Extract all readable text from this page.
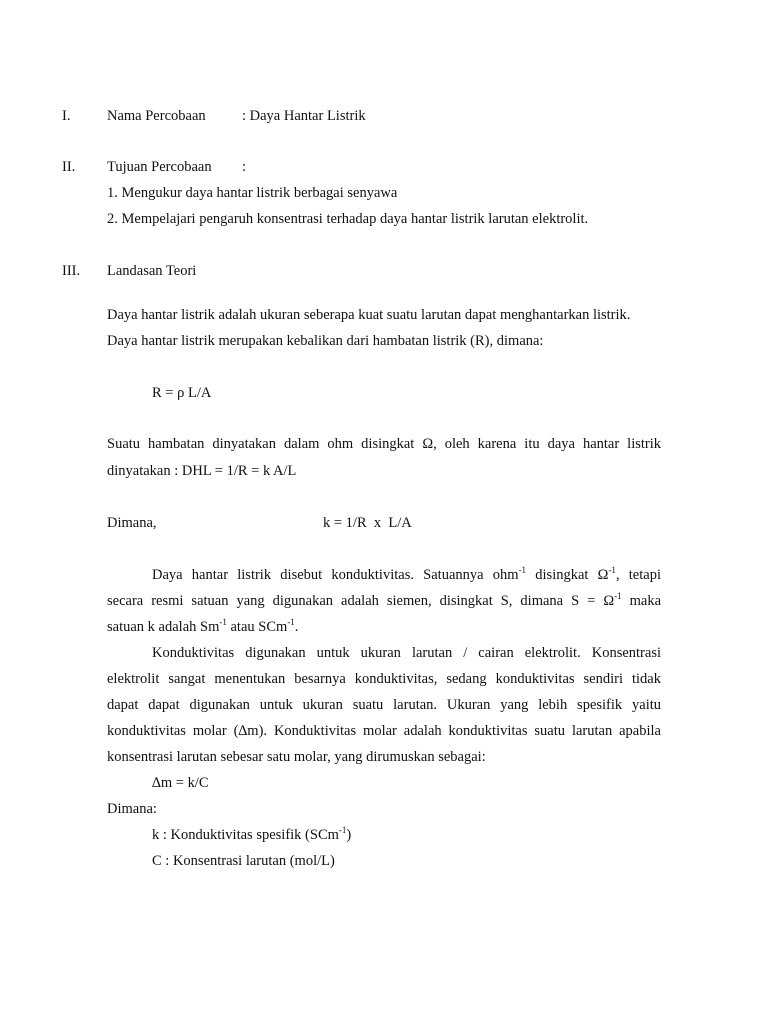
I.	Nama Percobaan	: Daya Hantar Listrik
II. Tujuan Percobaan :
1. Mengukur daya hantar listrik berbagai senyawa
2. Mempelajari pengaruh konsentrasi terhadap daya hantar listrik larutan elektrolit.
III. Landasan Teori
Daya hantar listrik adalah ukuran seberapa kuat suatu larutan dapat menghantarkan listrik.
Daya hantar listrik merupakan kebalikan dari hambatan listrik (R), dimana:
R = ρ L/A
Suatu hambatan dinyatakan dalam ohm disingkat Ω, oleh karena itu daya hantar listrik
dinyatakan : DHL = 1/R = k A/L
Dimana,	k = 1/R  x  L/A
Daya hantar listrik disebut konduktivitas. Satuannya ohm$^{-1}$ disingkat $\Omega^{-1}$, tetapi
secara resmi satuan yang digunakan adalah siemen, disingkat S, dimana $S = \Omega^{-1}$ maka
satuan k adalah $Sm^{-1}$ atau SCm$^{-1}$.
Konduktivitas digunakan untuk ukuran larutan / cairan elektrolit. Konsentrasi
elektrolit sangat menentukan besarnya konduktivitas, sedang konduktivitas sendiri tidak
dapat dapat digunakan untuk ukuran suatu larutan. Ukuran yang lebih spesifik yaitu
konduktivitas molar (∆m). Konduktivitas molar adalah konduktivitas suatu larutan apabila
konsentrasi larutan sebesar satu molar, yang dirumuskan sebagai:
∆m = k/C
Dimana:
k : Konduktivitas spesifik (SCm$^{-1}$)
C : Konsentrasi larutan (mol/L)
